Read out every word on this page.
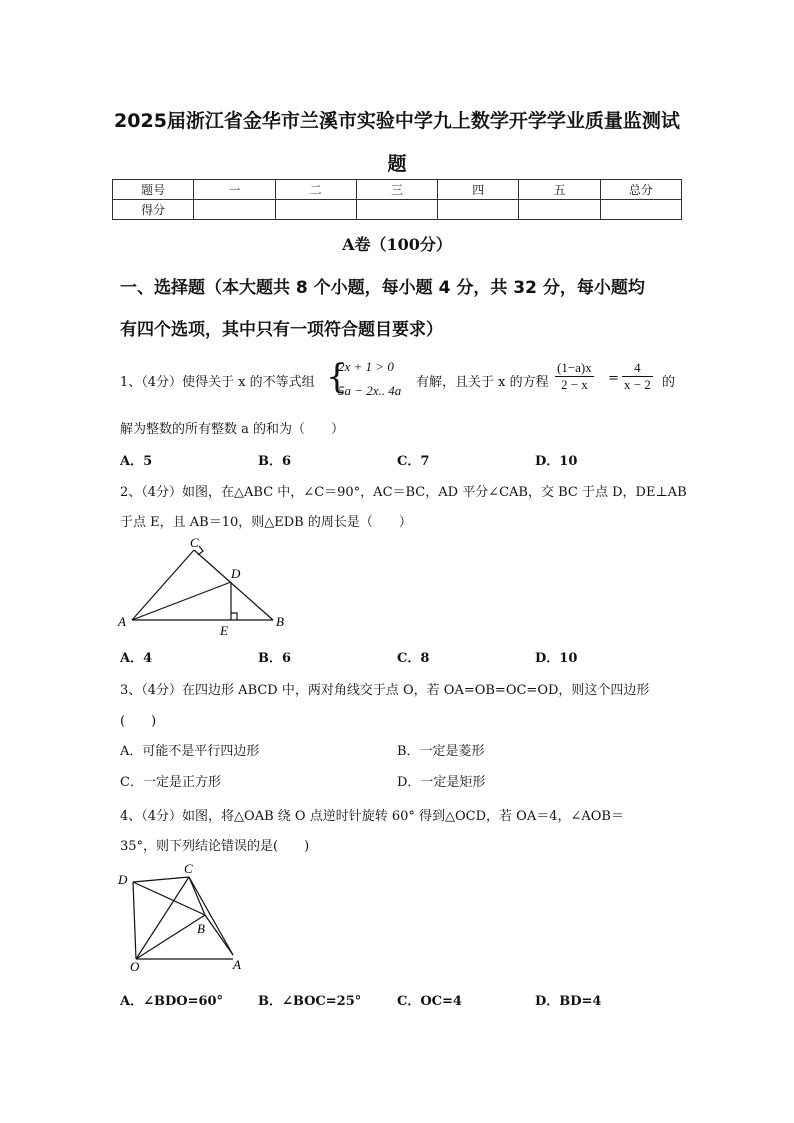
2025届浙江省金华市兰溪市实验中学九上数学开学学业质量监测试
题
题号	一	二	三	四	五	总分
得分						
A卷（100分）
一、选择题（本大题共 8 个小题，每小题 4 分，共 32 分，每小题均
有四个选项，其中只有一项符合题目要求）
1、（4分）使得关于 x 的不等式组 {
2x + 1 > 0
5a − 2x.. 4a
有解，且关于 x 的方程 $\frac{(1-a)x}{2 - x} = \frac{4}{x - 2}$ 的
解为整数的所有整数 a 的和为（　　）
A．5	B．6	C．7	D．10
2、（4分）如图，在△ABC 中，∠C＝90°，AC＝BC，AD 平分∠CAB，交 BC 于点 D，DE⊥AB
于点 E，且 AB＝10，则△EDB 的周长是（　　）
C
D
A
E
B
A．4	B．6	C．8	D．10
3、（4分）在四边形 ABCD 中，两对角线交于点 O，若 OA=OB=OC=OD，则这个四边形
(　　)
A．可能不是平行四边形	B．一定是菱形
C．一定是正方形	D．一定是矩形
4、（4分）如图，将△OAB 绕 O 点逆时针旋转 60° 得到△OCD，若 OA＝4，∠AOB＝
35°，则下列结论错误的是(　　)
D
C
B
O	A
A．∠BDO=60°	B．∠BOC=25°	C．OC=4	D．BD=4
